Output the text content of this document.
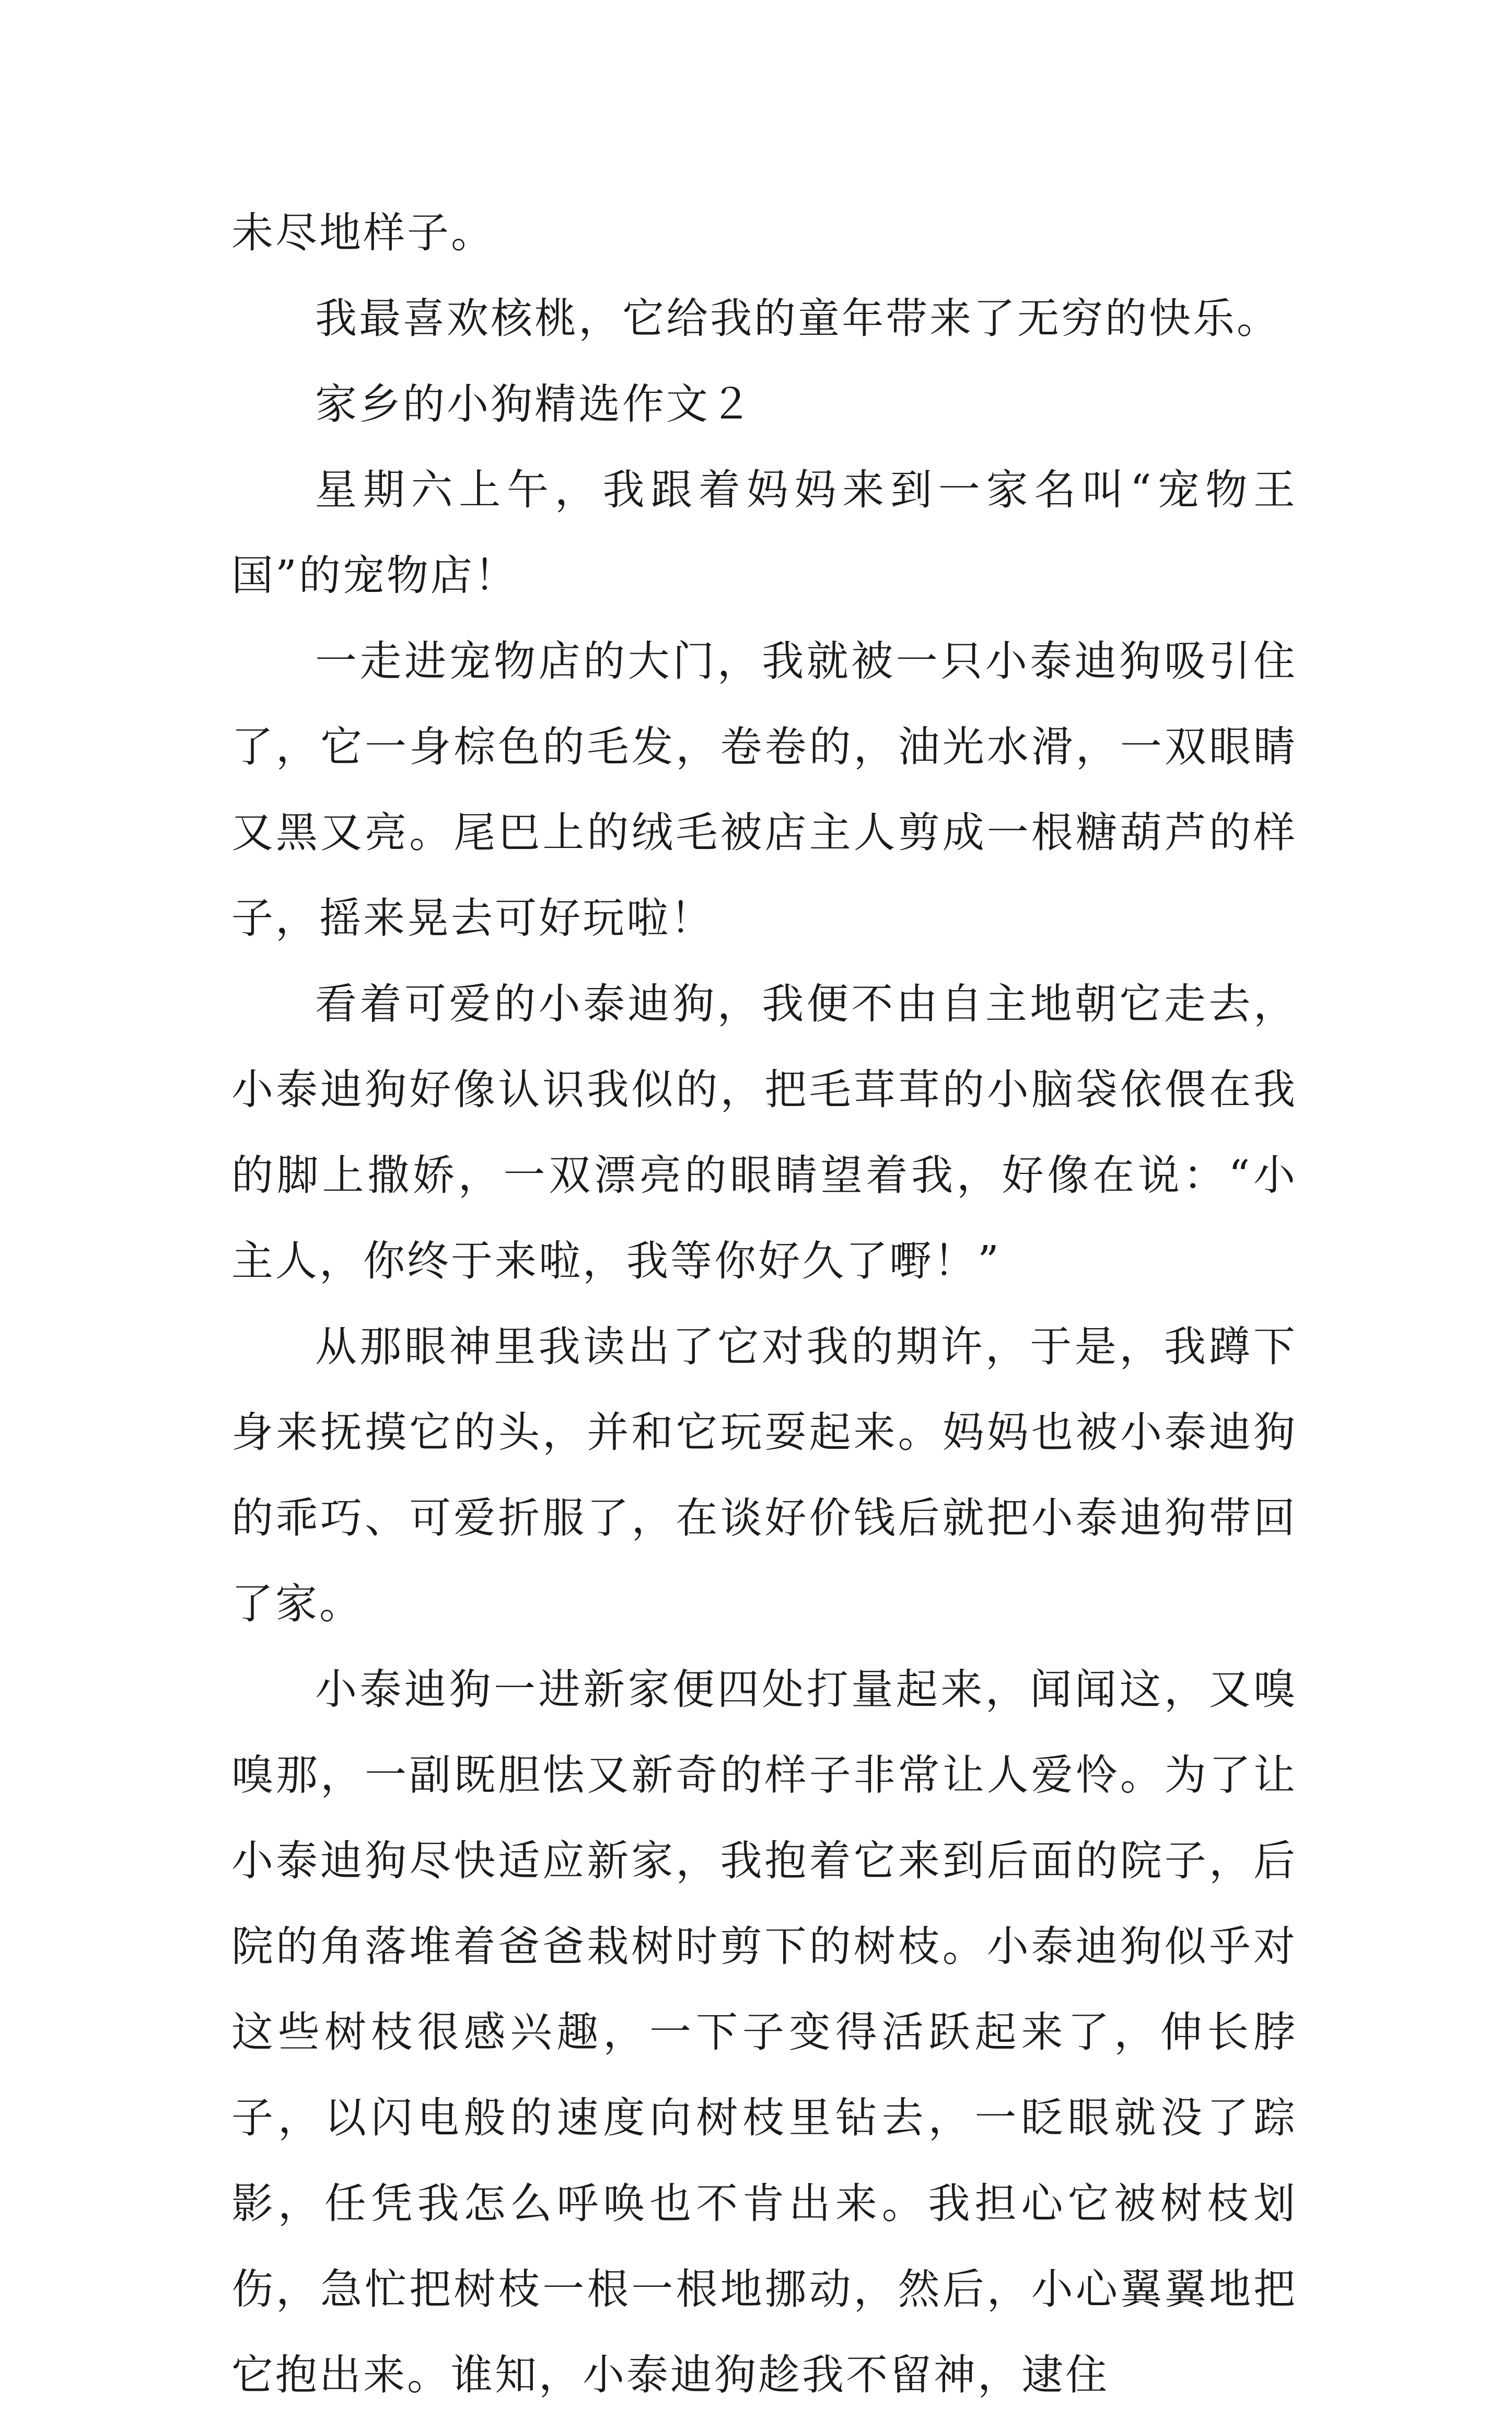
未尽地样子。

我最喜欢核桃，它给我的童年带来了无穷的快乐。

家乡的小狗精选作文２

星期六上午，我跟着妈妈来到一家名叫“宠物王国”的宠物店！

一走进宠物店的大门，我就被一只小泰迪狗吸引住了，它一身棕色的毛发，卷卷的，油光水滑，一双眼睛又黑又亮。尾巴上的绒毛被店主人剪成一根糖葫芦的样子，摇来晃去可好玩啦！

看着可爱的小泰迪狗，我便不由自主地朝它走去，小泰迪狗好像认识我似的，把毛茸茸的小脑袋依偎在我的脚上撒娇，一双漂亮的眼睛望着我，好像在说：“小主人，你终于来啦，我等你好久了嘢！”

从那眼神里我读出了它对我的期许，于是，我蹲下身来抚摸它的头，并和它玩耍起来。妈妈也被小泰迪狗的乖巧、可爱折服了，在谈好价钱后就把小泰迪狗带回了家。

小泰迪狗一进新家便四处打量起来，闻闻这，又嗅嗅那，一副既胆怯又新奇的样子非常让人爱怜。为了让小泰迪狗尽快适应新家，我抱着它来到后面的院子，后院的角落堆着爸爸栽树时剪下的树枝。小泰迪狗似乎对这些树枝很感兴趣，一下子变得活跃起来了，伸长脖子，以闪电般的速度向树枝里钻去，一眨眼就没了踪影，任凭我怎么呼唤也不肯出来。我担心它被树枝划伤，急忙把树枝一根一根地挪动，然后，小心翼翼地把它抱出来。谁知，小泰迪狗趁我不留神，逮住
